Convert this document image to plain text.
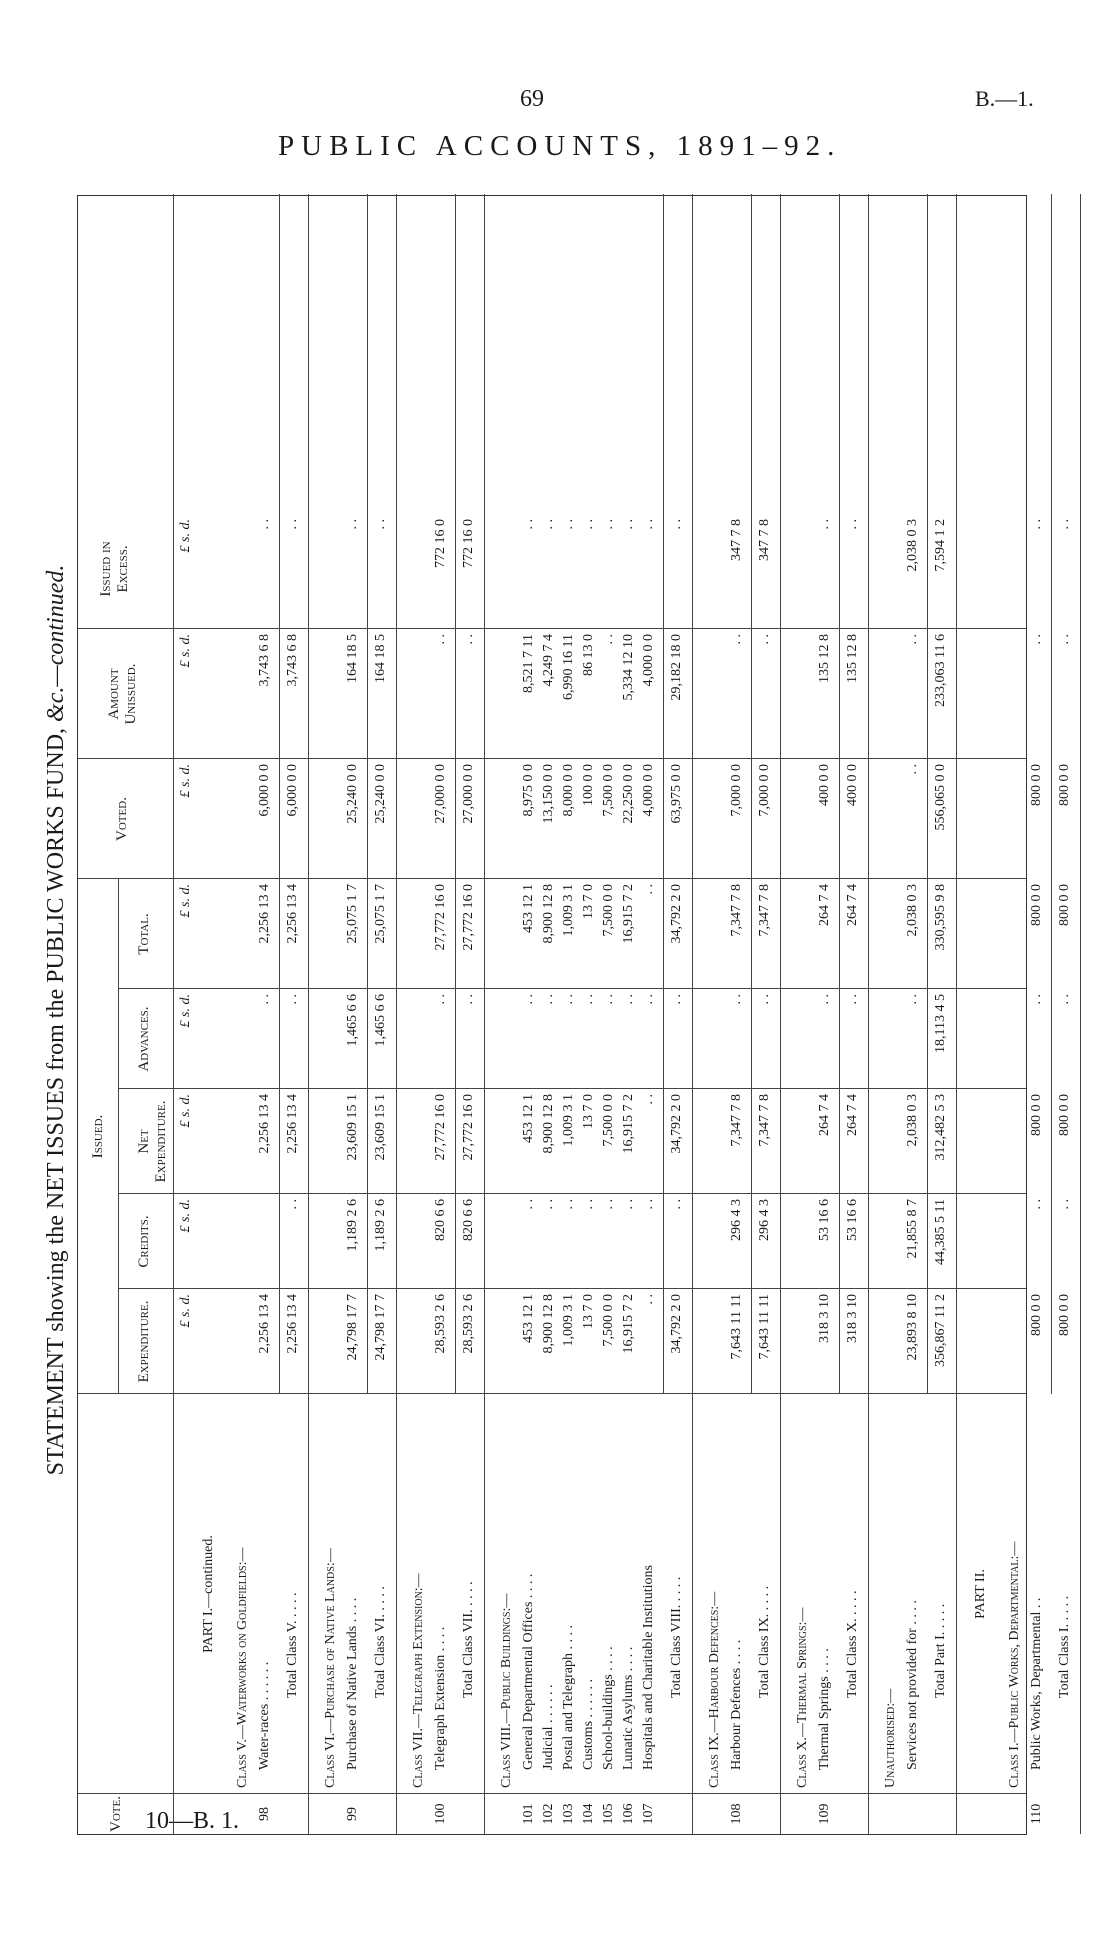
69	B.—1.
PUBLIC ACCOUNTS, 1891–92.
10—B. 1.
STATEMENT showing the NET ISSUES from the PUBLIC WORKS FUND, &c.—continued.
Vote.
Issued.
Expenditure.
Credits.
Net Expenditure.
Advances.
Total.
Voted.
Amount Unissued.
Issued in Excess.
£ s. d.
£ s. d.
£ s. d.
£ s. d.
£ s. d.
£ s. d.
£ s. d.
£ s. d.
PART I.—continued. Class V.—Waterworks on Goldfields:—
98
Water-races . . . . . .
2,256 13 4
2,256 13 4
. .
2,256 13 4
6,000 0 0
3,743 6 8
. .
Total Class V. . . . .
2,256 13 4
. .
2,256 13 4
. .
2,256 13 4
6,000 0 0
3,743 6 8
. .
Class VI.—Purchase of Native Lands:—
99
Purchase of Native Lands . . . .
24,798 17 7
1,189 2 6
23,609 15 1
1,465 6 6
25,075 1 7
25,240 0 0
164 18 5
. .
Total Class VI. . . . .
24,798 17 7
1,189 2 6
23,609 15 1
1,465 6 6
25,075 1 7
25,240 0 0
164 18 5
. .
Class VII.—Telegraph Extension:—
100
Telegraph Extension . . . .
28,593 2 6
820 6 6
27,772 16 0
. .
27,772 16 0
27,000 0 0
. .
772 16 0
Total Class VII. . . . .
28,593 2 6
820 6 6
27,772 16 0
. .
27,772 16 0
27,000 0 0
. .
772 16 0
Class VIII.—Public Buildings:—
101
General Departmental Offices . . . .
453 12 1
. .
453 12 1
. .
453 12 1
8,975 0 0
8,521 7 11
. .
102
Judicial . . . . . .
8,900 12 8
. .
8,900 12 8
. .
8,900 12 8
13,150 0 0
4,249 7 4
. .
103
Postal and Telegraph . . . .
1,009 3 1
. .
1,009 3 1
. .
1,009 3 1
8,000 0 0
6,990 16 11
. .
104
Customs . . . . . .
13 7 0
. .
13 7 0
. .
13 7 0
100 0 0
86 13 0
. .
105
School-buildings . . . .
7,500 0 0
. .
7,500 0 0
. .
7,500 0 0
7,500 0 0
. .
. .
106
Lunatic Asylums . . . .
16,915 7 2
. .
16,915 7 2
. .
16,915 7 2
22,250 0 0
5,334 12 10
. .
107
Hospitals and Charitable Institutions
. .
. .
. .
. .
. .
4,000 0 0
4,000 0 0
. .
Total Class VIII. . . . .
34,792 2 0
. .
34,792 2 0
. .
34,792 2 0
63,975 0 0
29,182 18 0
. .
Class IX.—Harbour Defences:—
108
Harbour Defences . . . .
7,643 11 11
296 4 3
7,347 7 8
. .
7,347 7 8
7,000 0 0
. .
347 7 8
Total Class IX. . . . .
7,643 11 11
296 4 3
7,347 7 8
. .
7,347 7 8
7,000 0 0
. .
347 7 8
Class X.—Thermal Springs:—
109
Thermal Springs . . . .
318 3 10
53 16 6
264 7 4
. .
264 7 4
400 0 0
135 12 8
. .
Total Class X. . . . .
318 3 10
53 16 6
264 7 4
. .
264 7 4
400 0 0
135 12 8
. .
Unauthorised:— Services not provided for . . . .
23,893 8 10
21,855 8 7
2,038 0 3
. .
2,038 0 3
. .
. .
2,038 0 3
Total Part I. . . . .
356,867 11 2
44,385 5 11
312,482 5 3
18,113 4 5
330,595 9 8
556,065 0 0
233,063 11 6
7,594 1 2
PART II. Class I.—Public Works, Departmental:—
110
Public Works, Departmental . .
800 0 0
. .
800 0 0
. .
800 0 0
800 0 0
. .
. .
Total Class I. . . . .
800 0 0
. .
800 0 0
. .
800 0 0
800 0 0
. .
. .
